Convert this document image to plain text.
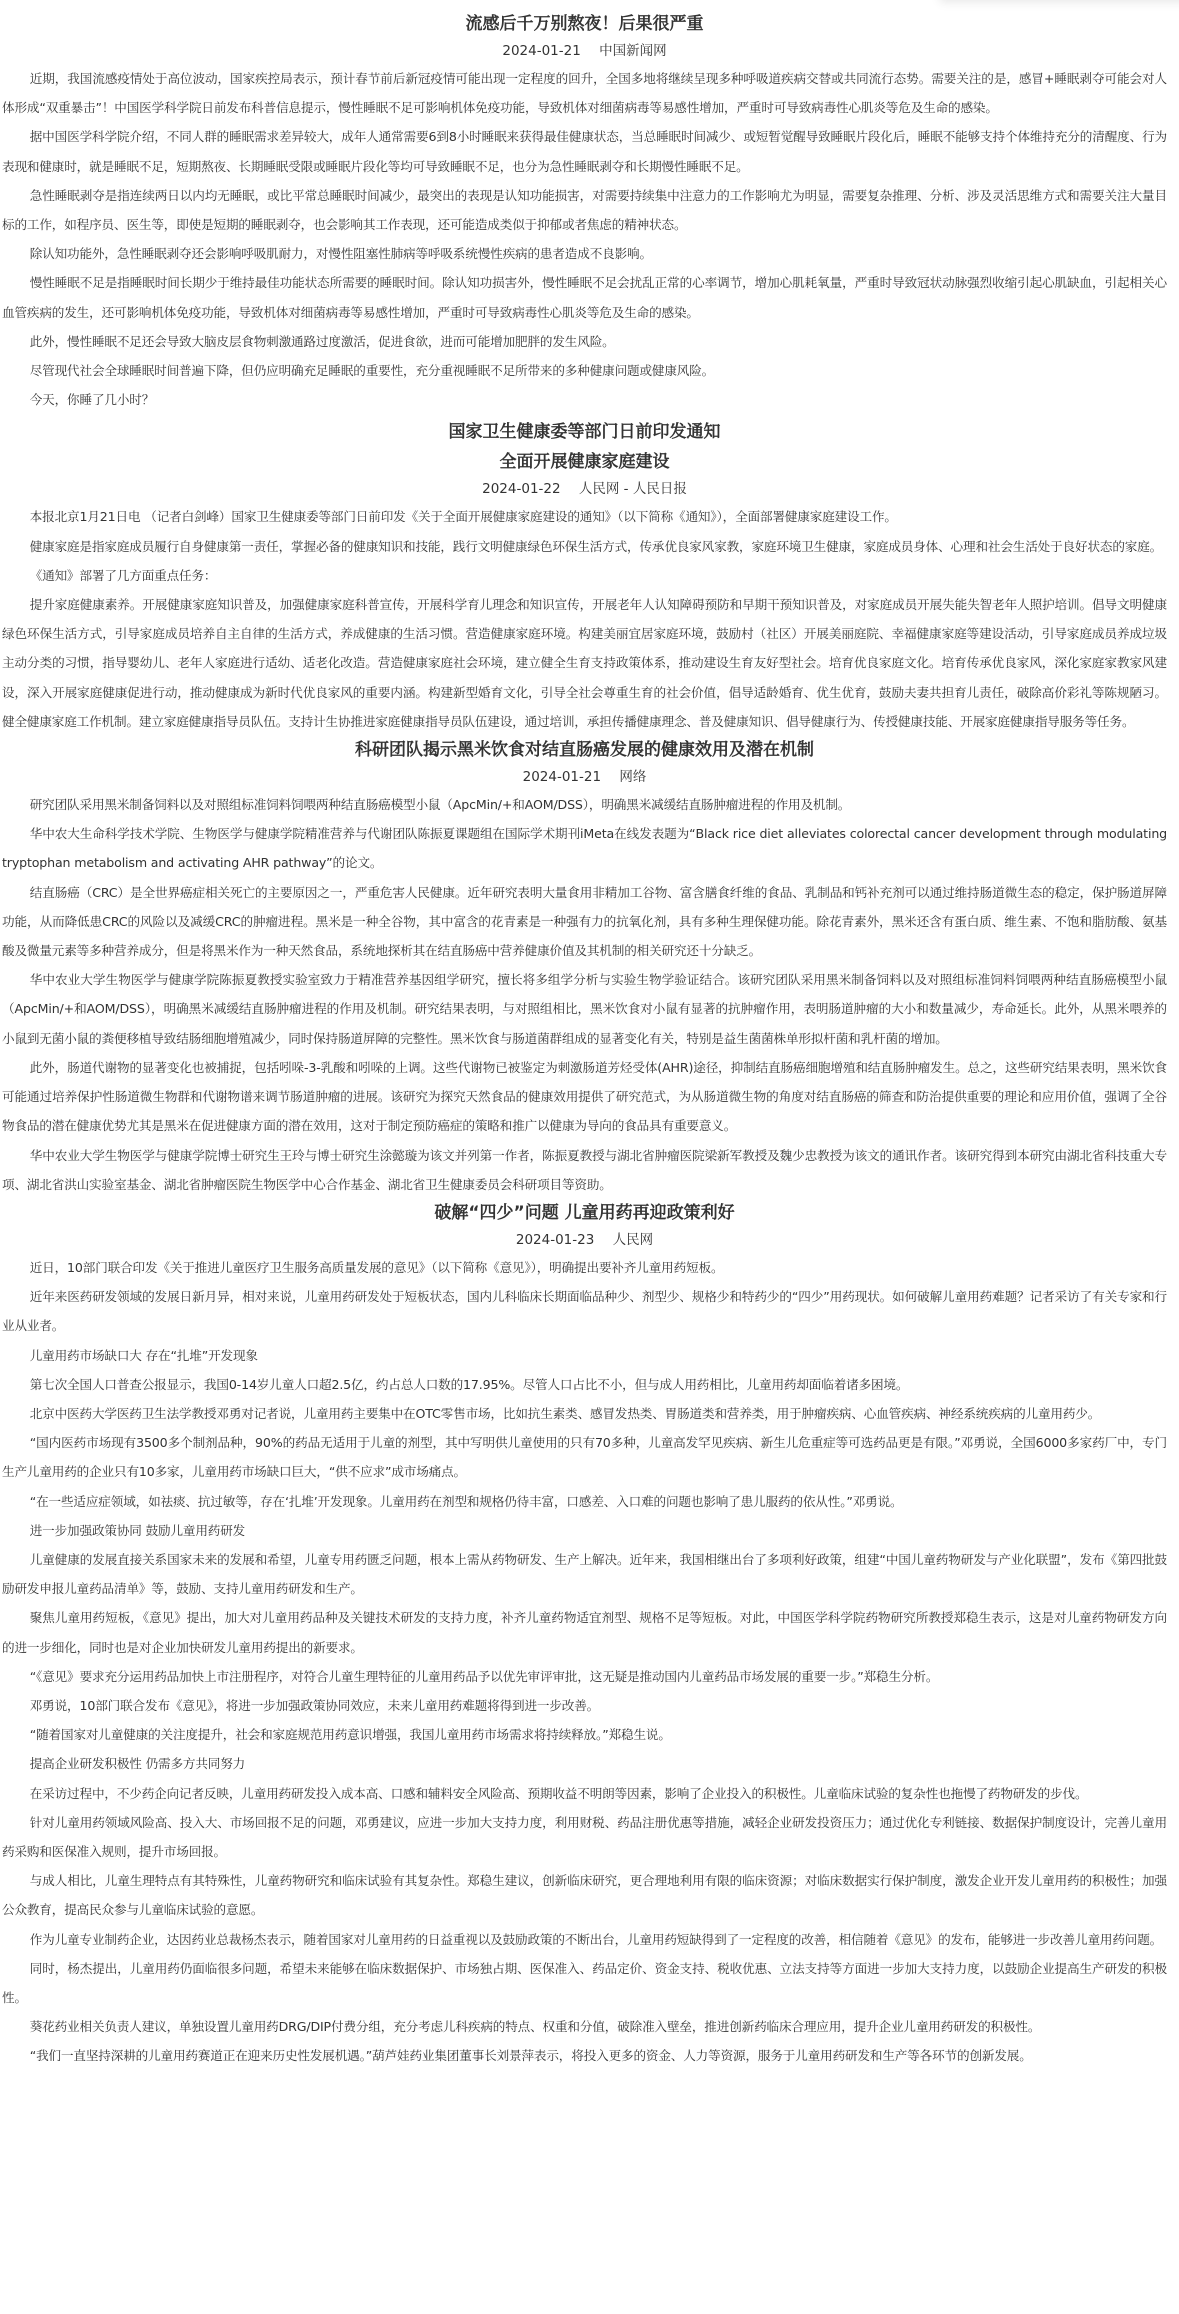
流感后千万别熬夜！后果很严重
2024-01-21 中国新闻网

近期，我国流感疫情处于高位波动，国家疾控局表示，预计春节前后新冠疫情可能出现一定程度的回升，全国多地将继续呈现多种呼吸道疾病交替或共同流行态势。需要关注的是，感冒+睡眠剥夺可能会对人体形成“双重暴击”！中国医学科学院日前发布科普信息提示，慢性睡眠不足可影响机体免疫功能，导致机体对细菌病毒等易感性增加，严重时可导致病毒性心肌炎等危及生命的感染。

据中国医学科学院介绍，不同人群的睡眠需求差异较大，成年人通常需要6到8小时睡眠来获得最佳健康状态，当总睡眠时间减少、或短暂觉醒导致睡眠片段化后，睡眠不能够支持个体维持充分的清醒度、行为表现和健康时，就是睡眠不足，短期熬夜、长期睡眠受限或睡眠片段化等均可导致睡眠不足，也分为急性睡眠剥夺和长期慢性睡眠不足。

急性睡眠剥夺是指连续两日以内均无睡眠，或比平常总睡眠时间减少，最突出的表现是认知功能损害，对需要持续集中注意力的工作影响尤为明显，需要复杂推理、分析、涉及灵活思维方式和需要关注大量目标的工作，如程序员、医生等，即使是短期的睡眠剥夺，也会影响其工作表现，还可能造成类似于抑郁或者焦虑的精神状态。

除认知功能外，急性睡眠剥夺还会影响呼吸肌耐力，对慢性阻塞性肺病等呼吸系统慢性疾病的患者造成不良影响。

慢性睡眠不足是指睡眠时间长期少于维持最佳功能状态所需要的睡眠时间。除认知功损害外，慢性睡眠不足会扰乱正常的心率调节，增加心肌耗氧量，严重时导致冠状动脉强烈收缩引起心肌缺血，引起相关心血管疾病的发生，还可影响机体免疫功能，导致机体对细菌病毒等易感性增加，严重时可导致病毒性心肌炎等危及生命的感染。

此外，慢性睡眠不足还会导致大脑皮层食物刺激通路过度激活，促进食欲，进而可能增加肥胖的发生风险。

尽管现代社会全球睡眠时间普遍下降，但仍应明确充足睡眠的重要性，充分重视睡眠不足所带来的多种健康问题或健康风险。

今天，你睡了几小时？

国家卫生健康委等部门日前印发通知
全面开展健康家庭建设
2024-01-22 人民网 - 人民日报

本报北京1月21日电 （记者白剑峰）国家卫生健康委等部门日前印发《关于全面开展健康家庭建设的通知》（以下简称《通知》），全面部署健康家庭建设工作。

健康家庭是指家庭成员履行自身健康第一责任，掌握必备的健康知识和技能，践行文明健康绿色环保生活方式，传承优良家风家教，家庭环境卫生健康，家庭成员身体、心理和社会生活处于良好状态的家庭。

《通知》部署了几方面重点任务：

提升家庭健康素养。开展健康家庭知识普及，加强健康家庭科普宣传，开展科学育儿理念和知识宣传，开展老年人认知障碍预防和早期干预知识普及，对家庭成员开展失能失智老年人照护培训。倡导文明健康绿色环保生活方式，引导家庭成员培养自主自律的生活方式，养成健康的生活习惯。营造健康家庭环境。构建美丽宜居家庭环境，鼓励村（社区）开展美丽庭院、幸福健康家庭等建设活动，引导家庭成员养成垃圾主动分类的习惯，指导婴幼儿、老年人家庭进行适幼、适老化改造。营造健康家庭社会环境，建立健全生育支持政策体系，推动建设生育友好型社会。培育优良家庭文化。培育传承优良家风，深化家庭家教家风建设，深入开展家庭健康促进行动，推动健康成为新时代优良家风的重要内涵。构建新型婚育文化，引导全社会尊重生育的社会价值，倡导适龄婚育、优生优育，鼓励夫妻共担育儿责任，破除高价彩礼等陈规陋习。健全健康家庭工作机制。建立家庭健康指导员队伍。支持计生协推进家庭健康指导员队伍建设，通过培训，承担传播健康理念、普及健康知识、倡导健康行为、传授健康技能、开展家庭健康指导服务等任务。

科研团队揭示黑米饮食对结直肠癌发展的健康效用及潜在机制
2024-01-21 网络

研究团队采用黑米制备饲料以及对照组标准饲料饲喂两种结直肠癌模型小鼠（ApcMin/+和AOM/DSS），明确黑米减缓结直肠肿瘤进程的作用及机制。

华中农大生命科学技术学院、生物医学与健康学院精准营养与代谢团队陈振夏课题组在国际学术期刊iMeta在线发表题为“Black rice diet alleviates colorectal cancer development through modulating tryptophan metabolism and activating AHR pathway”的论文。

结直肠癌（CRC）是全世界癌症相关死亡的主要原因之一，严重危害人民健康。近年研究表明大量食用非精加工谷物、富含膳食纤维的食品、乳制品和钙补充剂可以通过维持肠道微生态的稳定，保护肠道屏障功能，从而降低患CRC的风险以及减缓CRC的肿瘤进程。黑米是一种全谷物，其中富含的花青素是一种强有力的抗氧化剂，具有多种生理保健功能。除花青素外，黑米还含有蛋白质、维生素、不饱和脂肪酸、氨基酸及微量元素等多种营养成分，但是将黑米作为一种天然食品，系统地探析其在结直肠癌中营养健康价值及其机制的相关研究还十分缺乏。

华中农业大学生物医学与健康学院陈振夏教授实验室致力于精准营养基因组学研究，擅长将多组学分析与实验生物学验证结合。该研究团队采用黑米制备饲料以及对照组标准饲料饲喂两种结直肠癌模型小鼠（ApcMin/+和AOM/DSS），明确黑米减缓结直肠肿瘤进程的作用及机制。研究结果表明，与对照组相比，黑米饮食对小鼠有显著的抗肿瘤作用，表明肠道肿瘤的大小和数量减少，寿命延长。此外，从黑米喂养的小鼠到无菌小鼠的粪便移植导致结肠细胞增殖减少，同时保持肠道屏障的完整性。黑米饮食与肠道菌群组成的显著变化有关，特别是益生菌菌株单形拟杆菌和乳杆菌的增加。

此外，肠道代谢物的显著变化也被捕捉，包括吲哚-3-乳酸和吲哚的上调。这些代谢物已被鉴定为刺激肠道芳烃受体(AHR)途径，抑制结直肠癌细胞增殖和结直肠肿瘤发生。总之，这些研究结果表明，黑米饮食可能通过培养保护性肠道微生物群和代谢物谱来调节肠道肿瘤的进展。该研究为探究天然食品的健康效用提供了研究范式，为从肠道微生物的角度对结直肠癌的筛查和防治提供重要的理论和应用价值，强调了全谷物食品的潜在健康优势尤其是黑米在促进健康方面的潜在效用，这对于制定预防癌症的策略和推广以健康为导向的食品具有重要意义。

华中农业大学生物医学与健康学院博士研究生王玲与博士研究生涂懿璇为该文并列第一作者，陈振夏教授与湖北省肿瘤医院梁新军教授及魏少忠教授为该文的通讯作者。该研究得到本研究由湖北省科技重大专项、湖北省洪山实验室基金、湖北省肿瘤医院生物医学中心合作基金、湖北省卫生健康委员会科研项目等资助。

破解“四少”问题 儿童用药再迎政策利好
2024-01-23 人民网

近日，10部门联合印发《关于推进儿童医疗卫生服务高质量发展的意见》（以下简称《意见》），明确提出要补齐儿童用药短板。

近年来医药研发领域的发展日新月异，相对来说，儿童用药研发处于短板状态，国内儿科临床长期面临品种少、剂型少、规格少和特药少的“四少”用药现状。如何破解儿童用药难题？记者采访了有关专家和行业从业者。

儿童用药市场缺口大 存在“扎堆”开发现象

第七次全国人口普查公报显示，我国0-14岁儿童人口超2.5亿，约占总人口数的17.95%。尽管人口占比不小，但与成人用药相比，儿童用药却面临着诸多困境。

北京中医药大学医药卫生法学教授邓勇对记者说，儿童用药主要集中在OTC零售市场，比如抗生素类、感冒发热类、胃肠道类和营养类，用于肿瘤疾病、心血管疾病、神经系统疾病的儿童用药少。

“国内医药市场现有3500多个制剂品种，90%的药品无适用于儿童的剂型，其中写明供儿童使用的只有70多种，儿童高发罕见疾病、新生儿危重症等可选药品更是有限。”邓勇说，全国6000多家药厂中，专门生产儿童用药的企业只有10多家，儿童用药市场缺口巨大，“供不应求”成市场痛点。

“在一些适应症领域，如祛痰、抗过敏等，存在‘扎堆’开发现象。儿童用药在剂型和规格仍待丰富，口感差、入口难的问题也影响了患儿服药的依从性。”邓勇说。

进一步加强政策协同 鼓励儿童用药研发

儿童健康的发展直接关系国家未来的发展和希望，儿童专用药匮乏问题，根本上需从药物研发、生产上解决。近年来，我国相继出台了多项利好政策，组建“中国儿童药物研发与产业化联盟”，发布《第四批鼓励研发申报儿童药品清单》等，鼓励、支持儿童用药研发和生产。

聚焦儿童用药短板，《意见》提出，加大对儿童用药品种及关键技术研发的支持力度，补齐儿童药物适宜剂型、规格不足等短板。对此，中国医学科学院药物研究所教授郑稳生表示，这是对儿童药物研发方向的进一步细化，同时也是对企业加快研发儿童用药提出的新要求。

“《意见》要求充分运用药品加快上市注册程序，对符合儿童生理特征的儿童用药品予以优先审评审批，这无疑是推动国内儿童药品市场发展的重要一步。”郑稳生分析。

邓勇说，10部门联合发布《意见》，将进一步加强政策协同效应，未来儿童用药难题将得到进一步改善。

“随着国家对儿童健康的关注度提升，社会和家庭规范用药意识增强，我国儿童用药市场需求将持续释放。”郑稳生说。

提高企业研发积极性 仍需多方共同努力

在采访过程中，不少药企向记者反映，儿童用药研发投入成本高、口感和辅料安全风险高、预期收益不明朗等因素，影响了企业投入的积极性。儿童临床试验的复杂性也拖慢了药物研发的步伐。

针对儿童用药领域风险高、投入大、市场回报不足的问题，邓勇建议，应进一步加大支持力度，利用财税、药品注册优惠等措施，减轻企业研发投资压力；通过优化专利链接、数据保护制度设计，完善儿童用药采购和医保准入规则，提升市场回报。

与成人相比，儿童生理特点有其特殊性，儿童药物研究和临床试验有其复杂性。郑稳生建议，创新临床研究，更合理地利用有限的临床资源；对临床数据实行保护制度，激发企业开发儿童用药的积极性；加强公众教育，提高民众参与儿童临床试验的意愿。

作为儿童专业制药企业，达因药业总裁杨杰表示，随着国家对儿童用药的日益重视以及鼓励政策的不断出台，儿童用药短缺得到了一定程度的改善，相信随着《意见》的发布，能够进一步改善儿童用药问题。

同时，杨杰提出，儿童用药仍面临很多问题，希望未来能够在临床数据保护、市场独占期、医保准入、药品定价、资金支持、税收优惠、立法支持等方面进一步加大支持力度，以鼓励企业提高生产研发的积极性。

葵花药业相关负责人建议，单独设置儿童用药DRG/DIP付费分组，充分考虑儿科疾病的特点、权重和分值，破除准入壁垒，推进创新药临床合理应用，提升企业儿童用药研发的积极性。

“我们一直坚持深耕的儿童用药赛道正在迎来历史性发展机遇。”葫芦娃药业集团董事长刘景萍表示，将投入更多的资金、人力等资源，服务于儿童用药研发和生产等各环节的创新发展。
